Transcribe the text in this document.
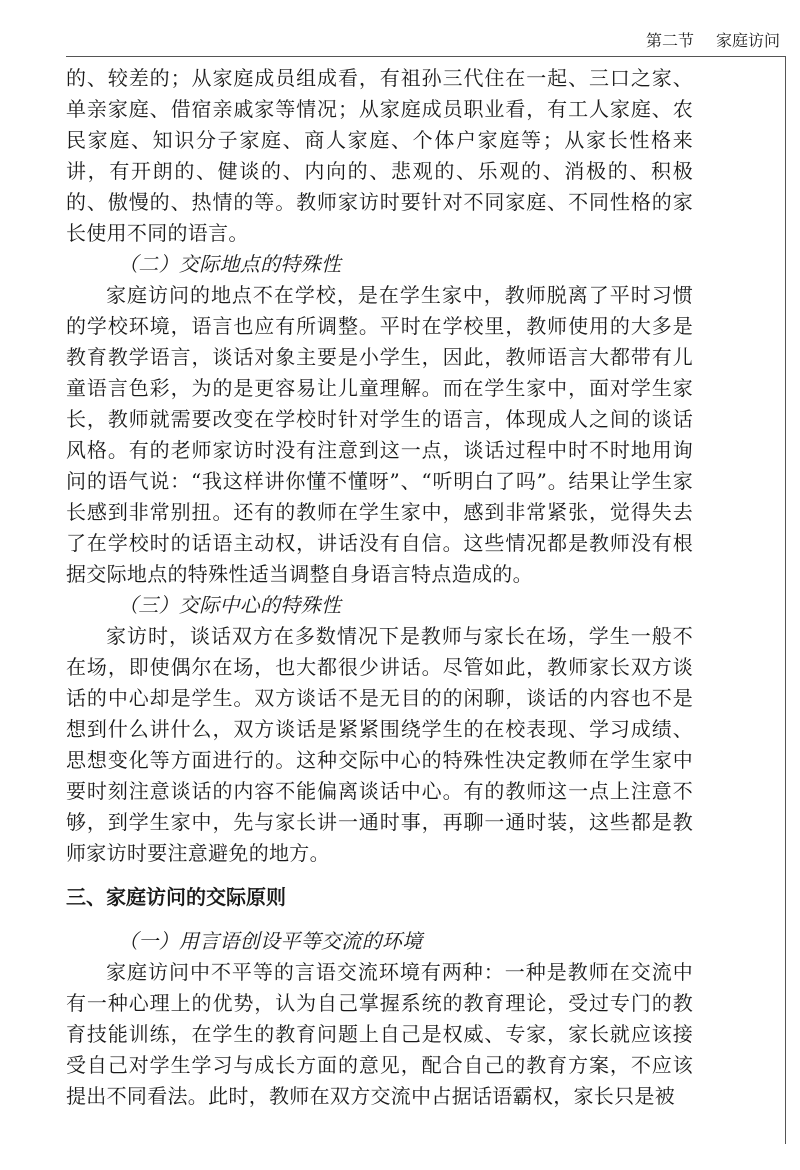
第二节 家庭访问

的、较差的；从家庭成员组成看，有祖孙三代住在一起、三口之家、单亲家庭、借宿亲戚家等情况；从家庭成员职业看，有工人家庭、农民家庭、知识分子家庭、商人家庭、个体户家庭等；从家长性格来讲，有开朗的、健谈的、内向的、悲观的、乐观的、消极的、积极的、傲慢的、热情的等。教师家访时要针对不同家庭、不同性格的家长使用不同的语言。

（二）交际地点的特殊性

家庭访问的地点不在学校，是在学生家中，教师脱离了平时习惯的学校环境，语言也应有所调整。平时在学校里，教师使用的大多是教育教学语言，谈话对象主要是小学生，因此，教师语言大都带有儿童语言色彩，为的是更容易让儿童理解。而在学生家中，面对学生家长，教师就需要改变在学校时针对学生的语言，体现成人之间的谈话风格。有的老师家访时没有注意到这一点，谈话过程中时不时地用询问的语气说：“我这样讲你懂不懂呀”、“听明白了吗”。结果让学生家长感到非常别扭。还有的教师在学生家中，感到非常紧张，觉得失去了在学校时的话语主动权，讲话没有自信。这些情况都是教师没有根据交际地点的特殊性适当调整自身语言特点造成的。

（三）交际中心的特殊性

家访时，谈话双方在多数情况下是教师与家长在场，学生一般不在场，即使偶尔在场，也大都很少讲话。尽管如此，教师家长双方谈话的中心却是学生。双方谈话不是无目的的闲聊，谈话的内容也不是想到什么讲什么，双方谈话是紧紧围绕学生的在校表现、学习成绩、思想变化等方面进行的。这种交际中心的特殊性决定教师在学生家中要时刻注意谈话的内容不能偏离谈话中心。有的教师这一点上注意不够，到学生家中，先与家长讲一通时事，再聊一通时装，这些都是教师家访时要注意避免的地方。

三、家庭访问的交际原则

（一）用言语创设平等交流的环境

家庭访问中不平等的言语交流环境有两种：一种是教师在交流中有一种心理上的优势，认为自己掌握系统的教育理论，受过专门的教育技能训练，在学生的教育问题上自己是权威、专家，家长就应该接受自己对学生学习与成长方面的意见，配合自己的教育方案，不应该提出不同看法。此时，教师在双方交流中占据话语霸权，家长只是被
